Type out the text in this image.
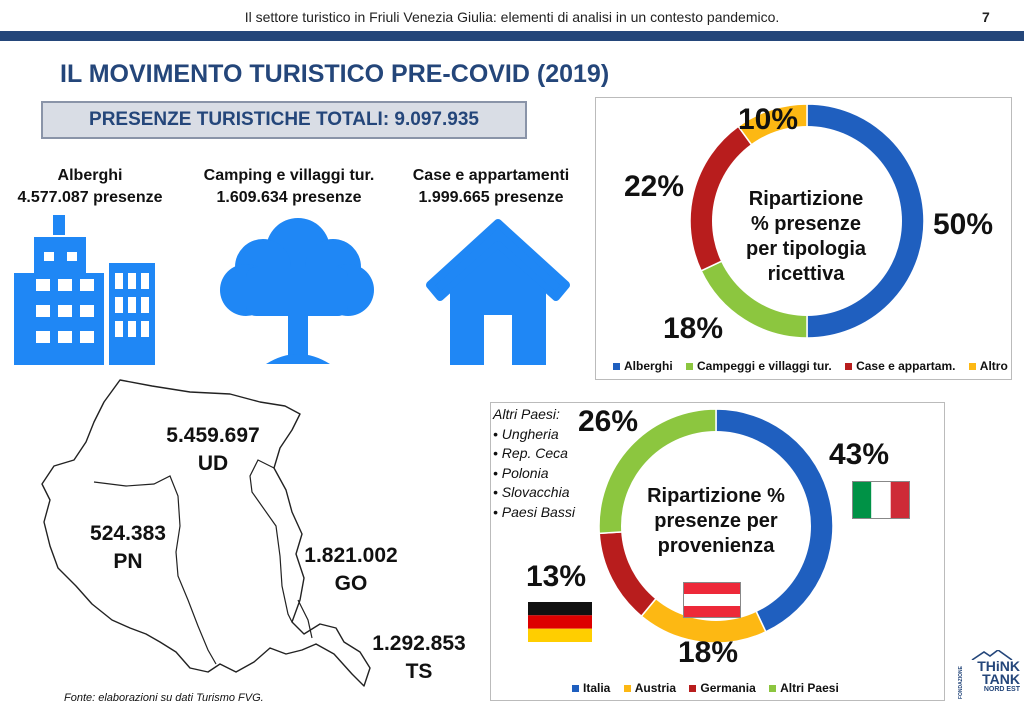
Il settore turistico in Friuli Venezia Giulia: elementi di analisi in un contesto pandemico.	7
IL MOVIMENTO TURISTICO PRE-COVID (2019)
PRESENZE TURISTICHE TOTALI: 9.097.935
Alberghi
4.577.087 presenze
Camping e villaggi tur.
1.609.634 presenze
Case e appartamenti
1.999.665 presenze
5.459.697
UD
524.383
PN	1.821.002
GO
1.292.853
TS
Fonte: elaborazioni su dati Turismo FVG.
Ripartizione
% presenze
per tipologia
ricettiva
50%
18%
22%
10%
Alberghi Campeggi e villaggi tur. Case e appartam. Altro
Ripartizione %
presenze per
provenienza
43%
18%
13%
26%
Altri Paesi:
• Ungheria
• Rep. Ceca
• Polonia
• Slovacchia
• Paesi Bassi
Italia Austria Germania Altri Paesi	FONDAZIONE THiNK
TANK
NORD EST
